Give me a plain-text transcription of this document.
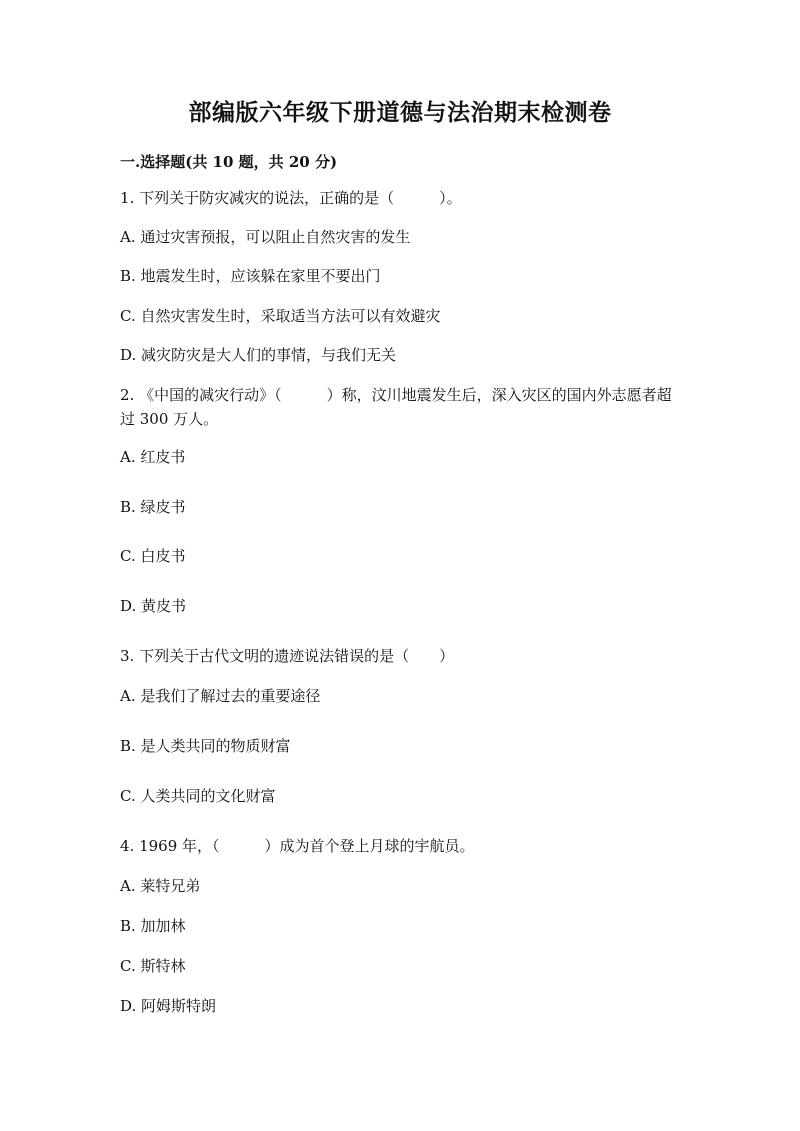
部编版六年级下册道德与法治期末检测卷
一.选择题(共 10 题，共 20 分)
1. 下列关于防灾减灾的说法，正确的是（　　　）。
A. 通过灾害预报，可以阻止自然灾害的发生
B. 地震发生时，应该躲在家里不要出门
C. 自然灾害发生时，采取适当方法可以有效避灾
D. 减灾防灾是大人们的事情，与我们无关
2. 《中国的减灾行动》（　　　）称，汶川地震发生后，深入灾区的国内外志愿者超过 300 万人。
A. 红皮书
B. 绿皮书
C. 白皮书
D. 黄皮书
3. 下列关于古代文明的遗迹说法错误的是（　　）
A. 是我们了解过去的重要途径
B. 是人类共同的物质财富
C. 人类共同的文化财富
4. 1969 年，（　　　）成为首个登上月球的宇航员。
A. 莱特兄弟
B. 加加林
C. 斯特林
D. 阿姆斯特朗
